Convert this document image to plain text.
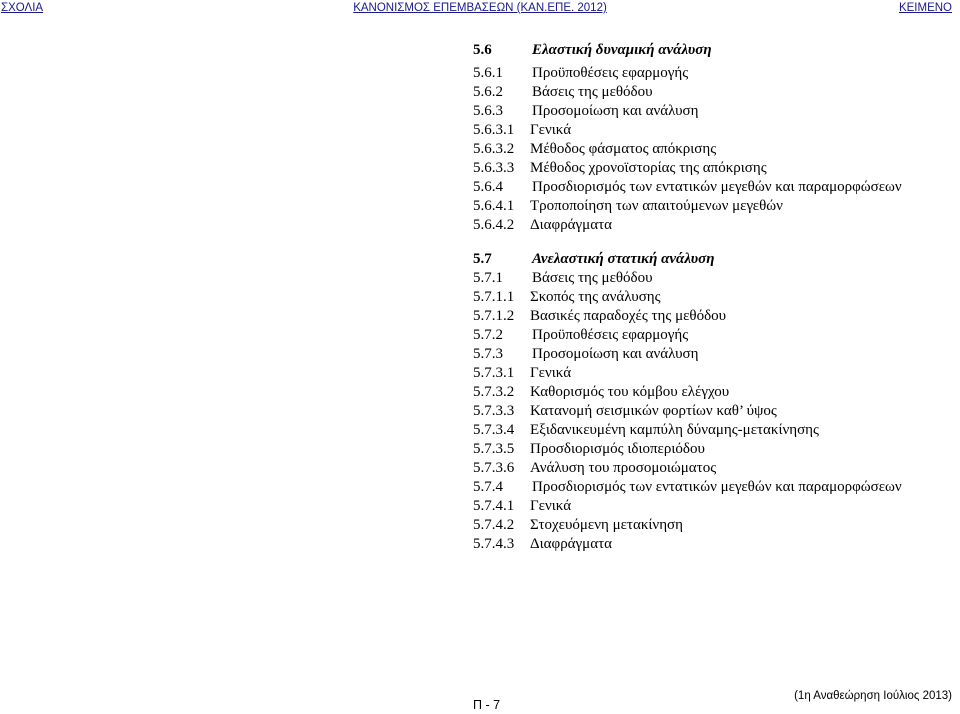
ΣΧΟΛΙΑ	ΚΑΝΟΝΙΣΜΟΣ ΕΠΕΜΒΑΣΕΩΝ (ΚΑΝ.ΕΠΕ. 2012)	ΚΕΙΜΕΝΟ
5.6	Ελαστική δυναμική ανάλυση
5.6.1 Προϋποθέσεις εφαρμογής
5.6.2 Βάσεις της μεθόδου
5.6.3 Προσομοίωση και ανάλυση
5.6.3.1 Γενικά
5.6.3.2 Μέθοδος φάσματος απόκρισης
5.6.3.3 Μέθοδος χρονοϊστορίας της απόκρισης
5.6.4 Προσδιορισμός των εντατικών μεγεθών και παραμορφώσεων
5.6.4.1 Τροποποίηση των απαιτούμενων μεγεθών
5.6.4.2 Διαφράγματα
5.7	Ανελαστική στατική ανάλυση
5.7.1 Βάσεις της μεθόδου
5.7.1.1 Σκοπός της ανάλυσης
5.7.1.2 Βασικές παραδοχές της μεθόδου
5.7.2 Προϋποθέσεις εφαρμογής
5.7.3 Προσομοίωση και ανάλυση
5.7.3.1 Γενικά
5.7.3.2 Καθορισμός του κόμβου ελέγχου
5.7.3.3 Κατανομή σεισμικών φορτίων καθ’ ύψος
5.7.3.4 Εξιδανικευμένη καμπύλη δύναμης-μετακίνησης
5.7.3.5 Προσδιορισμός ιδιοπεριόδου
5.7.3.6 Ανάλυση του προσομοιώματος
5.7.4 Προσδιορισμός των εντατικών μεγεθών και παραμορφώσεων
5.7.4.1 Γενικά
5.7.4.2 Στοχευόμενη μετακίνηση
5.7.4.3 Διαφράγματα
Π - 7
(1η Αναθεώρηση Ιούλιος 2013)
